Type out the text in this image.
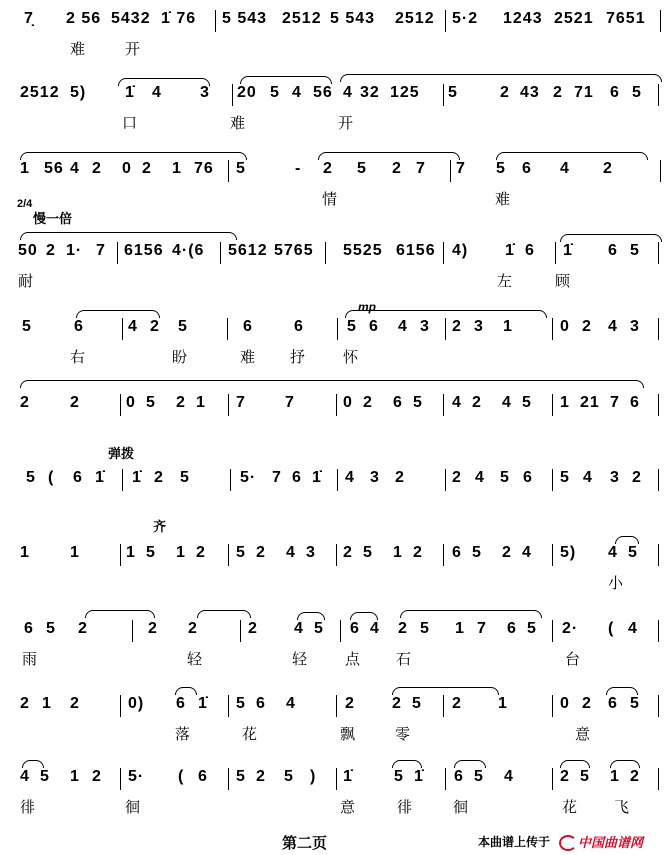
7̣ 2 56 5432 1̇ 76 5 543 2512 5 543 2512 5·2 1243 2521 7651
难	开
2512 5) 1̇ 4 3 20 5 4 56 4 32 125 5	2 43 2 71 6 5
口	难	开
1 56 4 2 0 2 1 76 5	- 2 5 2 7 7 5 6 4 2
情	难
2/4
慢一倍
50 2 1· 7 6156 4·(6 5612 5765 5525 6156 4) 1̇ 6 1̇ 6 5
耐	左	顾
mp
5	6	4 2 5	6	6	5 6 4 3 2 3 1	0 2 4 3
右	盼	难 抒	怀
2	2	0 5 2 1 7 7	0 2 6 5 4 2 4 5 1 21 7 6
弹拨
5 ( 6 1̇ 1̇ 2 5	5· 7 6 1̇ 4 3 2	2 4 5 6 5 4 3 2
齐
1	1	1 5 1 2 5 2 4 3 2 5 1 2 6 5 2 4 5) 4 5
小
6 5 2	2 2	2 4 5 6 4 2 5 1 7 6 5 2· ( 4
雨	轻	轻	点 石	台
2 1 2	0) 6 1̇ 5 6 4	2 2 5 2 1	0 2 6 5
落	花	飘	零	意
4 5 1 2 5· ( 6 5 2 5 ) 1̇	5 1̇ 6 5 4	2 5 1 2
徘	徊	意	徘	徊	花 飞
第二页	本曲谱上传于 中国曲谱网
